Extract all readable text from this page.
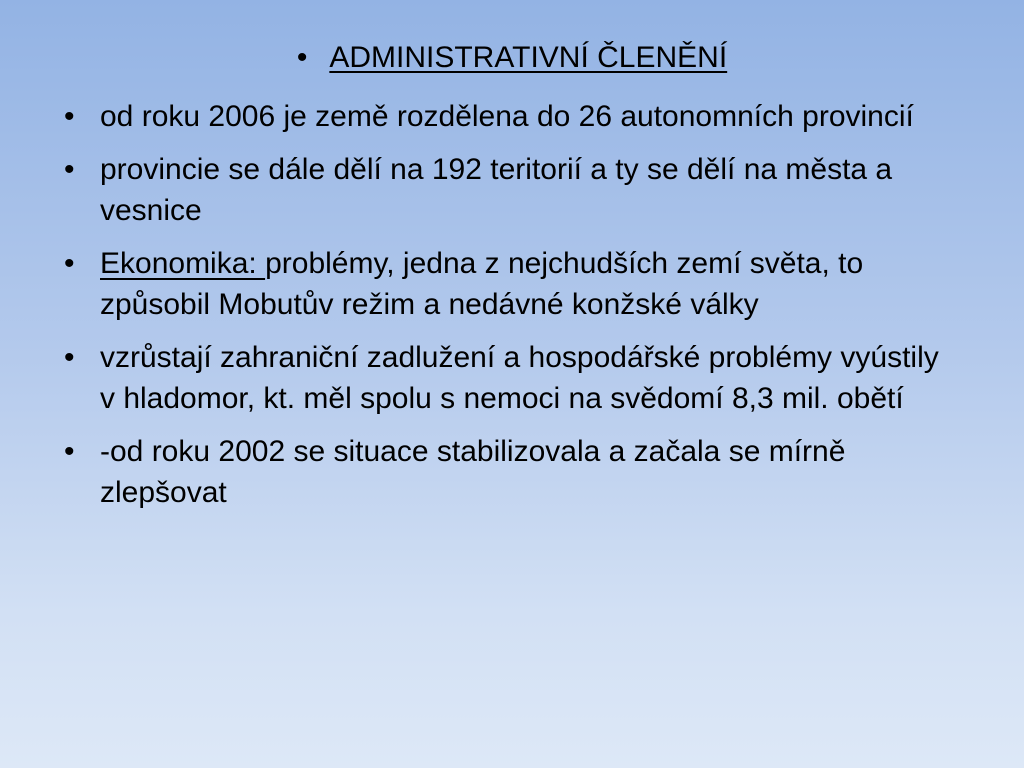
• ADMINISTRATIVNÍ ČLENĚNÍ
• od roku 2006 je země rozdělena do 26 autonomních provincií
• provincie se dále dělí na 192 teritorií a ty se dělí na města a vesnice
• Ekonomika: problémy, jedna z nejchudších zemí světa, to způsobil Mobutův režim a nedávné konžské války
• vzrůstají zahraniční zadlužení a hospodářské problémy vyústily v hladomor, kt. měl spolu s nemoci na svědomí 8,3 mil. obětí
• -od roku 2002 se situace stabilizovala a začala se mírně zlepšovat
